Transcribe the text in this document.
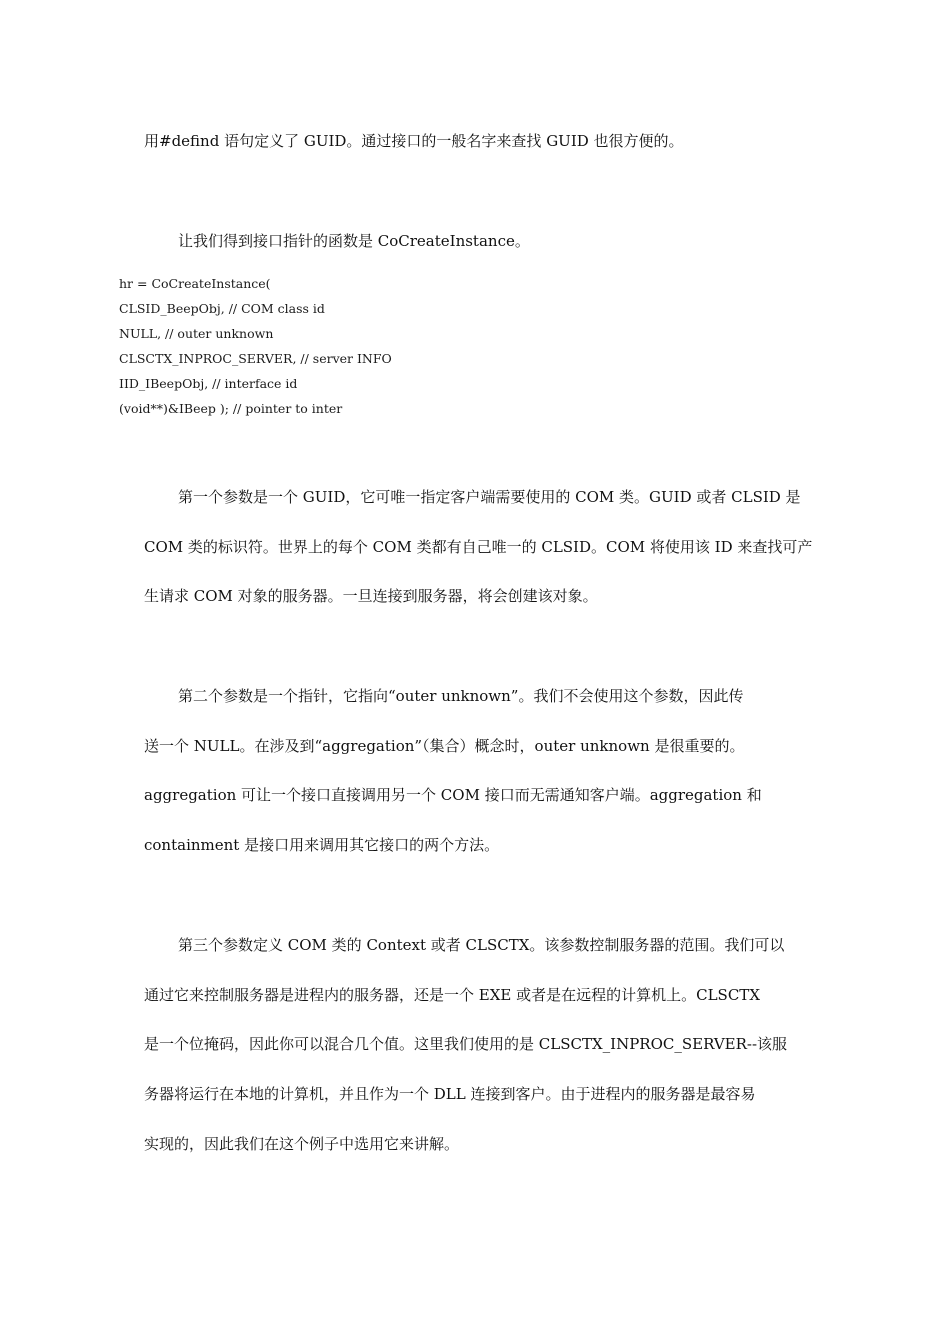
用#defind 语句定义了 GUID。通过接口的一般名字来查找 GUID 也很方便的。
让我们得到接口指针的函数是 CoCreateInstance。
hr = CoCreateInstance(
CLSID_BeepObj, // COM class id
NULL, // outer unknown
CLSCTX_INPROC_SERVER, // server INFO
IID_IBeepObj, // interface id
(void**)&IBeep ); // pointer to inter
第一个参数是一个 GUID，它可唯一指定客户端需要使用的 COM 类。GUID 或者 CLSID 是
COM 类的标识符。世界上的每个 COM 类都有自己唯一的 CLSID。COM 将使用该 ID 来查找可产
生请求 COM 对象的服务器。一旦连接到服务器，将会创建该对象。
第二个参数是一个指针，它指向“outer unknown”。我们不会使用这个参数，因此传
送一个 NULL。在涉及到“aggregation”（集合）概念时，outer unknown 是很重要的。
aggregation 可让一个接口直接调用另一个 COM 接口而无需通知客户端。aggregation 和
containment 是接口用来调用其它接口的两个方法。
第三个参数定义 COM 类的 Context 或者 CLSCTX。该参数控制服务器的范围。我们可以
通过它来控制服务器是进程内的服务器，还是一个 EXE 或者是在远程的计算机上。CLSCTX
是一个位掩码，因此你可以混合几个值。这里我们使用的是 CLSCTX_INPROC_SERVER--该服
务器将运行在本地的计算机，并且作为一个 DLL 连接到客户。由于进程内的服务器是最容易
实现的，因此我们在这个例子中选用它来讲解。
